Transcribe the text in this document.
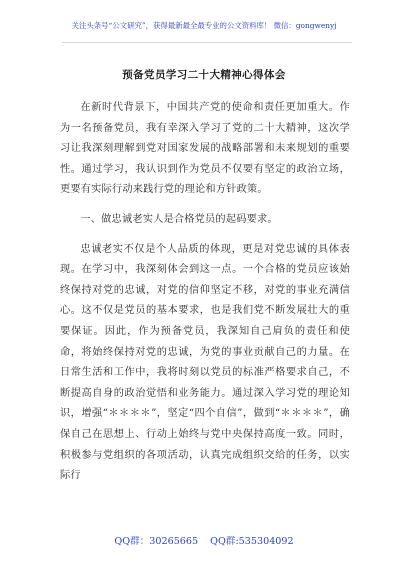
关注头条号“公文研究”，获得最新最全最专业的公文资料库！ 微信：gongwenyj
预备党员学习二十大精神心得体会

在新时代背景下，中国共产党的使命和责任更加重大。作为一名预备党员，我有幸深入学习了党的二十大精神，这次学习让我深刻理解到党对国家发展的战略部署和未来规划的重要性。通过学习，我认识到作为党员不仅要有坚定的政治立场，更要有实际行动来践行党的理论和方针政策。

一、做忠诚老实人是合格党员的起码要求。

忠诚老实不仅是个人品质的体现，更是对党忠诚的具体表现。在学习中，我深刻体会到这一点。一个合格的党员应该始终保持对党的忠诚，对党的信仰坚定不移，对党的事业充满信心。这不仅是党员的基本要求，也是我们党不断发展壮大的重要保证。因此，作为预备党员，我深知自己肩负的责任和使命，将始终保持对党的忠诚，为党的事业贡献自己的力量。在日常生活和工作中，我将时刻以党员的标准严格要求自己，不断提高自身的政治觉悟和业务能力。通过深入学习党的理论知识，增强“＊＊＊＊”，坚定“四个自信”，做到“＊＊＊＊”，确保自己在思想上、行动上始终与党中央保持高度一致。同时，积极参与党组织的各项活动，认真完成组织交给的任务，以实际行

QQ群：30265665 QQ群:535304092
